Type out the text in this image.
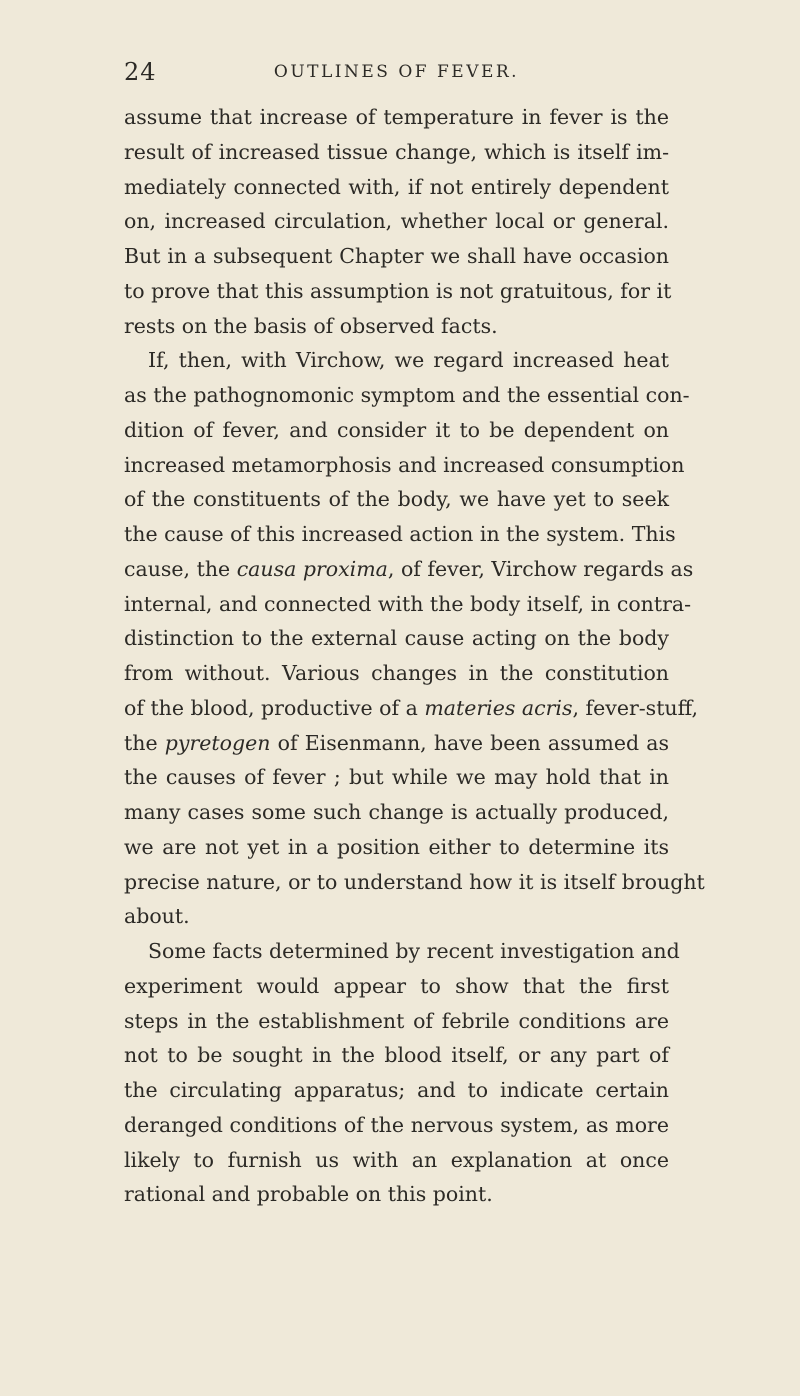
24	OUTLINES OF FEVER.
assume that increase of temperature in fever is the
result of increased tissue change, which is itself im-
mediately connected with, if not entirely dependent
on, increased circulation, whether local or general.
But in a subsequent Chapter we shall have occasion
to prove that this assumption is not gratuitous, for it
rests on the basis of observed facts.
If, then, with Virchow, we regard increased heat
as the pathognomonic symptom and the essential con-
dition of fever, and consider it to be dependent on
increased metamorphosis and increased consumption
of the constituents of the body, we have yet to seek
the cause of this increased action in the system. This
cause, the causa proxima, of fever, Virchow regards as
internal, and connected with the body itself, in contra-
distinction to the external cause acting on the body
from without. Various changes in the constitution
of the blood, productive of a materies acris, fever-stuff,
the pyretogen of Eisenmann, have been assumed as
the causes of fever ; but while we may hold that in
many cases some such change is actually produced,
we are not yet in a position either to determine its
precise nature, or to understand how it is itself brought
about.
Some facts determined by recent investigation and
experiment would appear to show that the first
steps in the establishment of febrile conditions are
not to be sought in the blood itself, or any part of
the circulating apparatus; and to indicate certain
deranged conditions of the nervous system, as more
likely to furnish us with an explanation at once
rational and probable on this point.
